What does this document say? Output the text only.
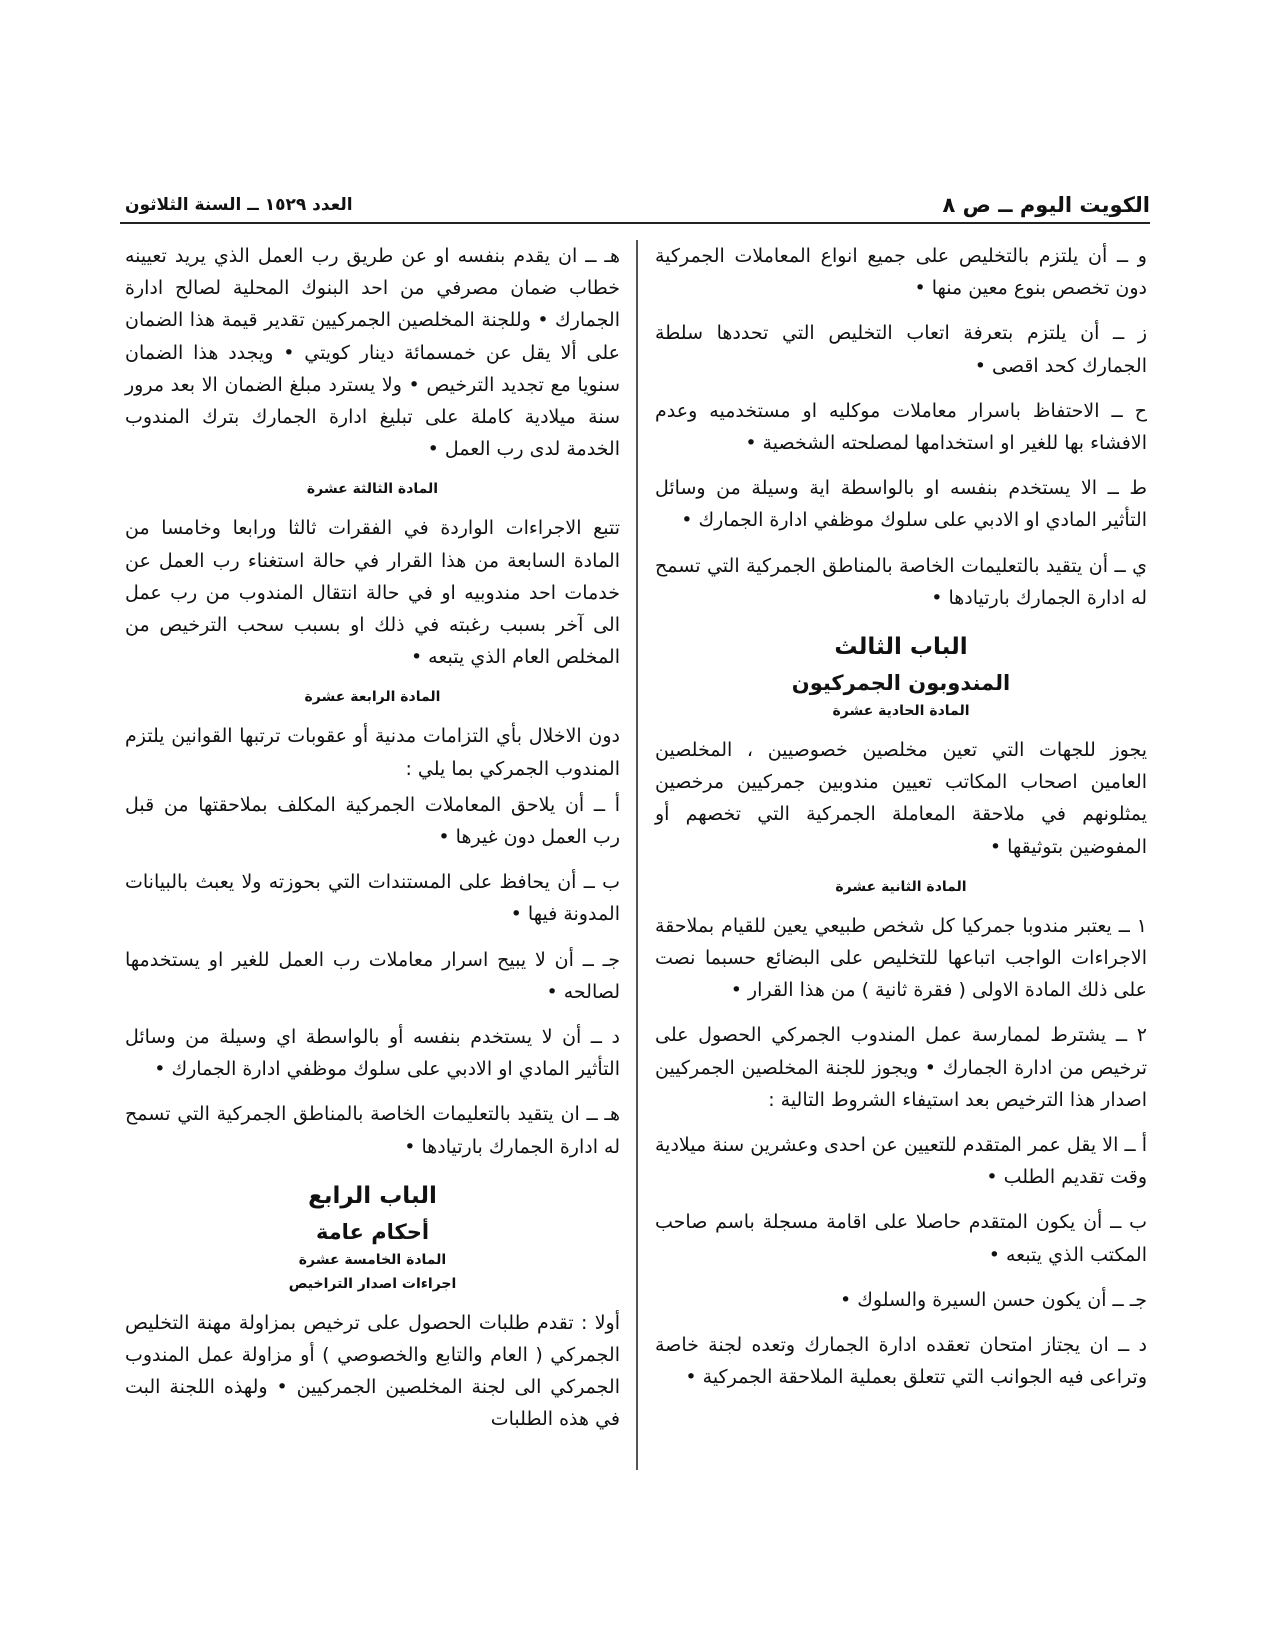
الكويت اليوم ــ ص ٨
العدد ١٥٢٩ ــ السنة الثلاثون

و ــ أن يلتزم بالتخليص على جميع انواع المعاملات الجمركية دون تخصص بنوع معين منها •

ز ــ أن يلتزم بتعرفة اتعاب التخليص التي تحددها سلطة الجمارك كحد اقصى •

ح ــ الاحتفاظ باسرار معاملات موكليه او مستخدميه وعدم الافشاء بها للغير او استخدامها لمصلحته الشخصية •

ط ــ الا يستخدم بنفسه او بالواسطة اية وسيلة من وسائل التأثير المادي او الادبي على سلوك موظفي ادارة الجمارك •

ي ــ أن يتقيد بالتعليمات الخاصة بالمناطق الجمركية التي تسمح له ادارة الجمارك بارتيادها •

الباب الثالث
المندوبون الجمركيون
المادة الحادية عشرة

يجوز للجهات التي تعين مخلصين خصوصيين ، المخلصين العامين اصحاب المكاتب تعيين مندوبين جمركيين مرخصين يمثلونهم في ملاحقة المعاملة الجمركية التي تخصهم أو المفوضين بتوثيقها •

المادة الثانية عشرة

١ ــ يعتبر مندوبا جمركيا كل شخص طبيعي يعين للقيام بملاحقة الاجراءات الواجب اتباعها للتخليص على البضائع حسبما نصت على ذلك المادة الاولى ( فقرة ثانية ) من هذا القرار •

٢ ــ يشترط لممارسة عمل المندوب الجمركي الحصول على ترخيص من ادارة الجمارك • ويجوز للجنة المخلصين الجمركيين اصدار هذا الترخيص بعد استيفاء الشروط التالية :

أ ــ الا يقل عمر المتقدم للتعيين عن احدى وعشرين سنة ميلادية وقت تقديم الطلب •

ب ــ أن يكون المتقدم حاصلا على اقامة مسجلة باسم صاحب المكتب الذي يتبعه •

جـ ــ أن يكون حسن السيرة والسلوك •

د ــ ان يجتاز امتحان تعقده ادارة الجمارك وتعده لجنة خاصة وتراعى فيه الجوانب التي تتعلق بعملية الملاحقة الجمركية •

هـ ــ ان يقدم بنفسه او عن طريق رب العمل الذي يريد تعيينه خطاب ضمان مصرفي من احد البنوك المحلية لصالح ادارة الجمارك • وللجنة المخلصين الجمركيين تقدير قيمة هذا الضمان على ألا يقل عن خمسمائة دينار كويتي • ويجدد هذا الضمان سنويا مع تجديد الترخيص • ولا يسترد مبلغ الضمان الا بعد مرور سنة ميلادية كاملة على تبليغ ادارة الجمارك بترك المندوب الخدمة لدى رب العمل •

المادة الثالثة عشرة

تتبع الاجراءات الواردة في الفقرات ثالثا ورابعا وخامسا من المادة السابعة من هذا القرار في حالة استغناء رب العمل عن خدمات احد مندوبيه او في حالة انتقال المندوب من رب عمل الى آخر بسبب رغبته في ذلك او بسبب سحب الترخيص من المخلص العام الذي يتبعه •

المادة الرابعة عشرة

دون الاخلال بأي التزامات مدنية أو عقوبات ترتبها القوانين يلتزم المندوب الجمركي بما يلي :

أ ــ أن يلاحق المعاملات الجمركية المكلف بملاحقتها من قبل رب العمل دون غيرها •

ب ــ أن يحافظ على المستندات التي بحوزته ولا يعبث بالبيانات المدونة فيها •

جـ ــ أن لا يبيح اسرار معاملات رب العمل للغير او يستخدمها لصالحه •

د ــ أن لا يستخدم بنفسه أو بالواسطة اي وسيلة من وسائل التأثير المادي او الادبي على سلوك موظفي ادارة الجمارك •

هـ ــ ان يتقيد بالتعليمات الخاصة بالمناطق الجمركية التي تسمح له ادارة الجمارك بارتيادها •

الباب الرابع
أحكام عامة
المادة الخامسة عشرة
اجراءات اصدار التراخيص

أولا : تقدم طلبات الحصول على ترخيص بمزاولة مهنة التخليص الجمركي ( العام والتابع والخصوصي ) أو مزاولة عمل المندوب الجمركي الى لجنة المخلصين الجمركيين • ولهذه اللجنة البت في هذه الطلبات
